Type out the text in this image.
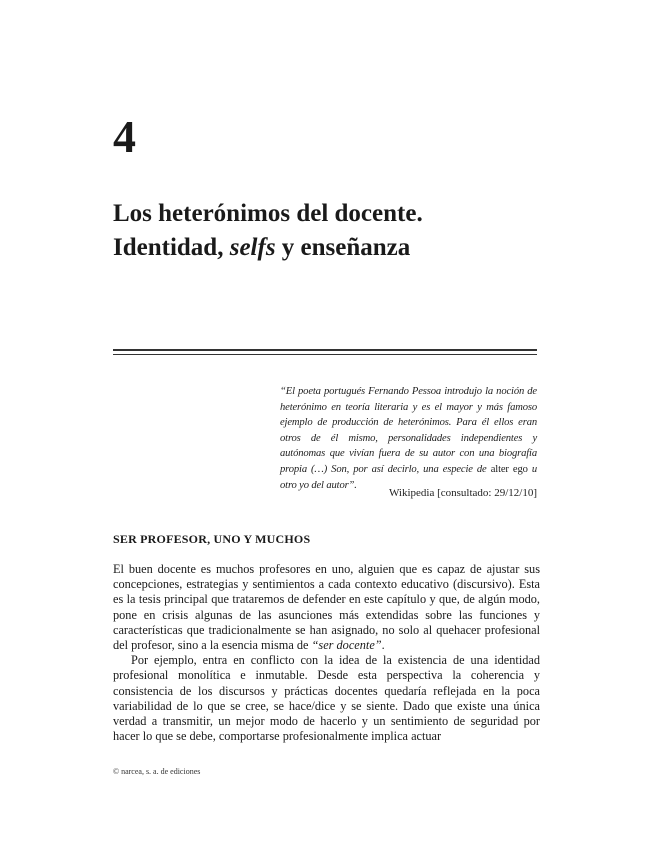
4
Los heterónimos del docente.
Identidad, selfs y enseñanza

“El poeta portugués Fernando Pessoa introdujo la noción de heterónimo en teoría literaria y es el mayor y más famoso ejemplo de producción de heterónimos. Para él ellos eran otros de él mismo, personalidades independientes y autónomas que vivían fuera de su autor con una biografía propia (…) Son, por así decirlo, una especie de alter ego u otro yo del autor”.

Wikipedia [consultado: 29/12/10]

SER PROFESOR, UNO Y MUCHOS

El buen docente es muchos profesores en uno, alguien que es capaz de ajustar sus concepciones, estrategias y sentimientos a cada contexto educativo (discursivo). Esta es la tesis principal que trataremos de defender en este capítulo y que, de algún modo, pone en crisis algunas de las asunciones más extendidas sobre las funciones y características que tradicionalmente se han asignado, no solo al quehacer profesional del profesor, sino a la esencia misma de “ser docente”.

Por ejemplo, entra en conflicto con la idea de la existencia de una identidad profesional monolítica e inmutable. Desde esta perspectiva la coherencia y consistencia de los discursos y prácticas docentes quedaría reflejada en la poca variabilidad de lo que se cree, se hace/dice y se siente. Dado que existe una única verdad a transmitir, un mejor modo de hacerlo y un sentimiento de seguridad por hacer lo que se debe, comportarse profesionalmente implica actuar

© narcea, s. a. de ediciones
